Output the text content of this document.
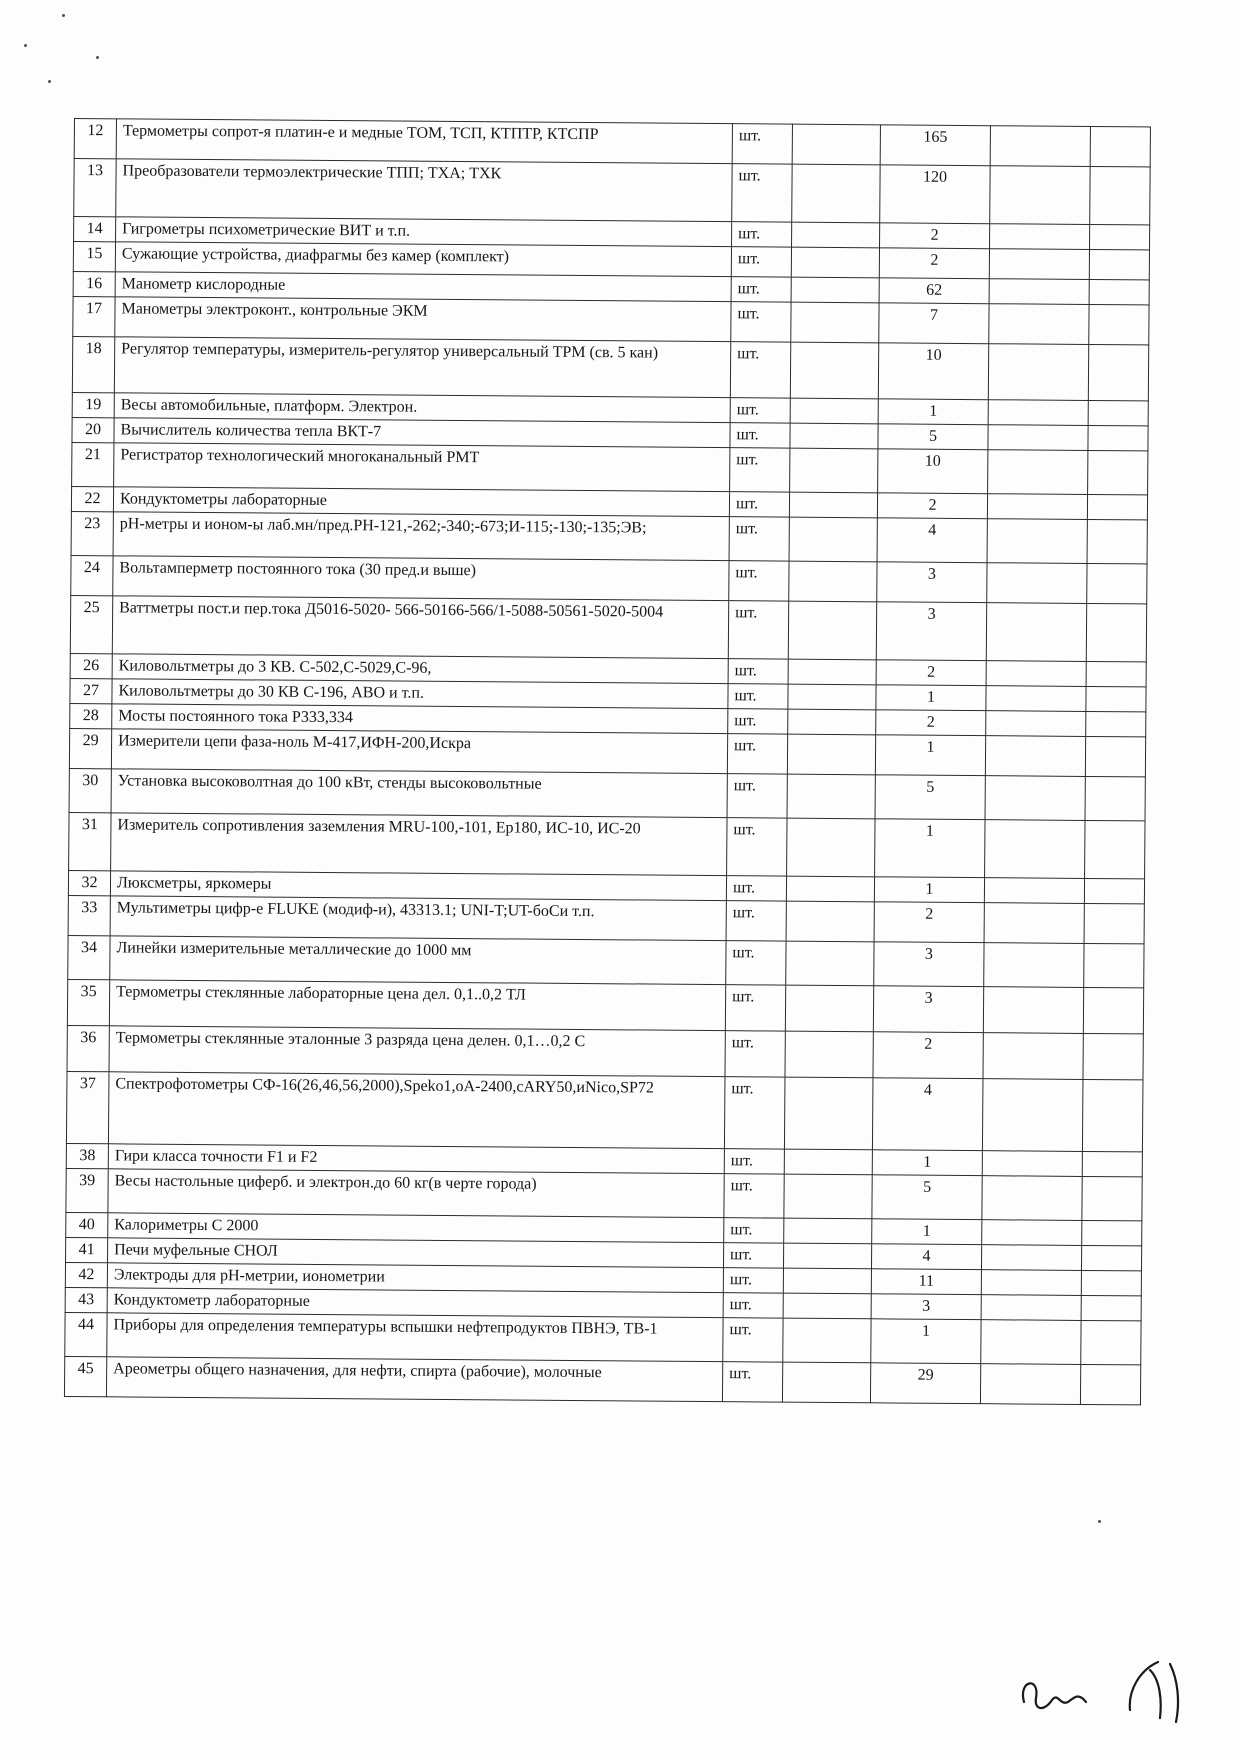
12	Термометры сопрот-я платин-е и медные ТОМ, ТСП, КТПТР, КТСПР	шт.		165		
13	Преобразователи термоэлектрические ТПП; ТХА; ТХК	шт.		120		
14	Гигрометры психометрические ВИТ и т.п.	шт.		2		
15	Сужающие устройства, диафрагмы без камер (комплект)	шт.		2		
16	Манометр кислородные	шт.		62		
17	Манометры электроконт., контрольные ЭКМ	шт.		7		
18	Регулятор температуры, измеритель-регулятор универсальный ТРМ (св. 5 кан)	шт.		10		
19	Весы автомобильные, платформ. Электрон.	шт.		1		
20	Вычислитель количества тепла ВКТ-7	шт.		5		
21	Регистратор технологический многоканальный РМТ	шт.		10		
22	Кондуктометры лабораторные	шт.		2		
23	pH-метры и ионом-ы лаб.мн/пред.PH-121,-262;-340;-673;И-115;-130;-135;ЭВ;	шт.		4		
24	Вольтамперметр постоянного тока (30 пред.и выше)	шт.		3		
25	Ваттметры пост.и пер.тока Д5016-5020- 566-50166-566/1-5088-50561-5020-5004	шт.		3		
26	Киловольтметры до 3 КВ. С-502,С-5029,С-96,	шт.		2		
27	Киловольтметры до 30 КВ С-196, АВО и т.п.	шт.		1		
28	Мосты постоянного тока Р333,334	шт.		2		
29	Измерители цепи фаза-ноль М-417,ИФН-200,Искра	шт.		1		
30	Установка высоковолтная до 100 кВт, стенды высоковольтные	шт.		5		
31	Измеритель сопротивления заземления MRU-100,-101, Ep180, ИС-10, ИС-20	шт.		1		
32	Люксметры, яркомеры	шт.		1		
33	Мультиметры цифр-е FLUKE (модиф-и), 43313.1; UNI-T;UT-боСи т.п.	шт.		2		
34	Линейки измерительные металлические до 1000 мм	шт.		3		
35	Термометры стеклянные лабораторные цена дел. 0,1..0,2 ТЛ	шт.		3		
36	Термометры стеклянные эталонные 3 разряда цена делен. 0,1…0,2 С	шт.		2		
37	Спектрофотометры СФ-16(26,46,56,2000),Speko1,oA-2400,cARY50,иNico,SP72	шт.		4		
38	Гири класса точности F1 и F2	шт.		1		
39	Весы настольные циферб. и электрон.до 60 кг(в черте города)	шт.		5		
40	Калориметры С 2000	шт.		1		
41	Печи муфельные СНОЛ	шт.		4		
42	Электроды для pH-метрии, ионометрии	шт.		11		
43	Кондуктометр лабораторные	шт.		3		
44	Приборы для определения температуры вспышки нефтепродуктов ПВНЭ, ТВ-1	шт.		1		
45	Ареометры общего назначения, для нефти, спирта (рабочие), молочные	шт.		29		
